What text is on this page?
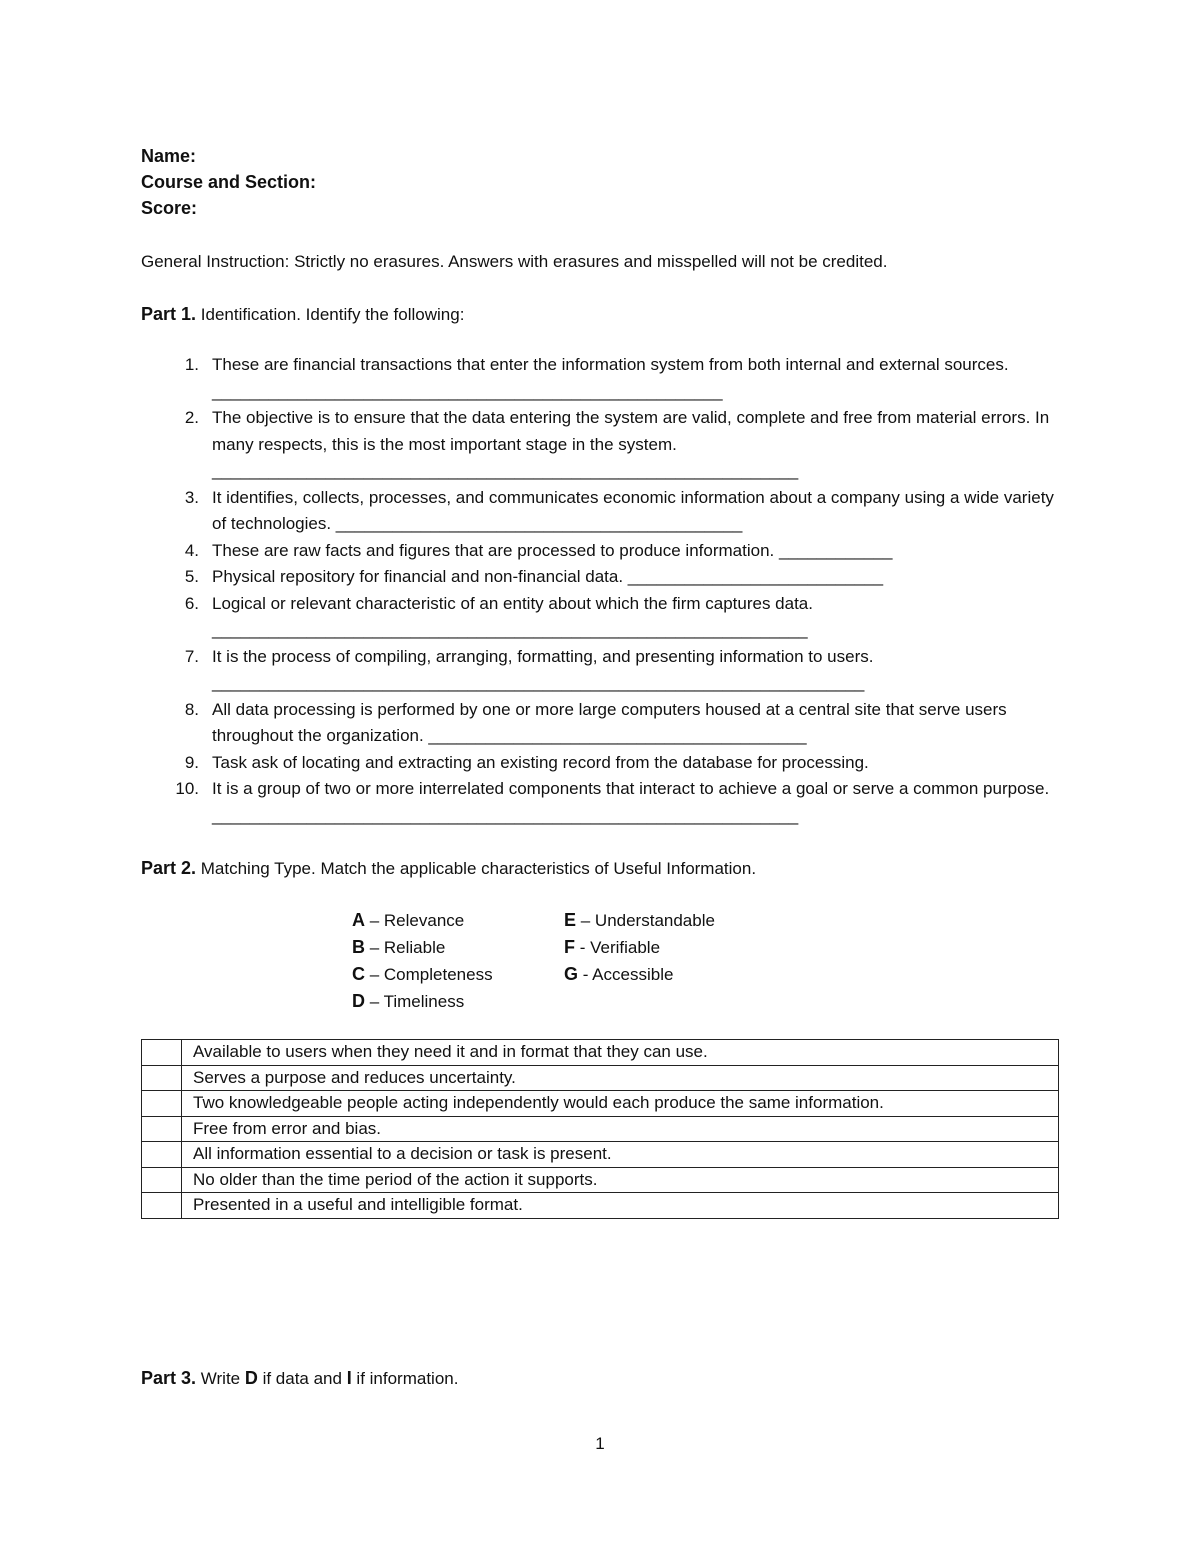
Name:
Course and Section:
Score:
General Instruction: Strictly no erasures. Answers with erasures and misspelled will not be credited.
Part 1. Identification. Identify the following:
1. These are financial transactions that enter the information system from both internal and external sources. ______________________________________________________
2. The objective is to ensure that the data entering the system are valid, complete and free from material errors. In many respects, this is the most important stage in the system. ______________________________________________________________
3. It identifies, collects, processes, and communicates economic information about a company using a wide variety of technologies. ___________________________________________
4. These are raw facts and figures that are processed to produce information. ____________
5. Physical repository for financial and non-financial data. ___________________________
6. Logical or relevant characteristic of an entity about which the firm captures data. _______________________________________________________________
7. It is the process of compiling, arranging, formatting, and presenting information to users. _____________________________________________________________________
8. All data processing is performed by one or more large computers housed at a central site that serve users throughout the organization. ________________________________________
9. Task ask of locating and extracting an existing record from the database for processing.
10. It is a group of two or more interrelated components that interact to achieve a goal or serve a common purpose. ______________________________________________________________
Part 2. Matching Type. Match the applicable characteristics of Useful Information.
A – Relevance
B – Reliable
C – Completeness
D – Timeliness
E – Understandable
F - Verifiable
G - Accessible
	Available to users when they need it and in format that they can use.
	Serves a purpose and reduces uncertainty.
	Two knowledgeable people acting independently would each produce the same information.
	Free from error and bias.
	All information essential to a decision or task is present.
	No older than the time period of the action it supports.
	Presented in a useful and intelligible format.
Part 3. Write D if data and I if information.
1
